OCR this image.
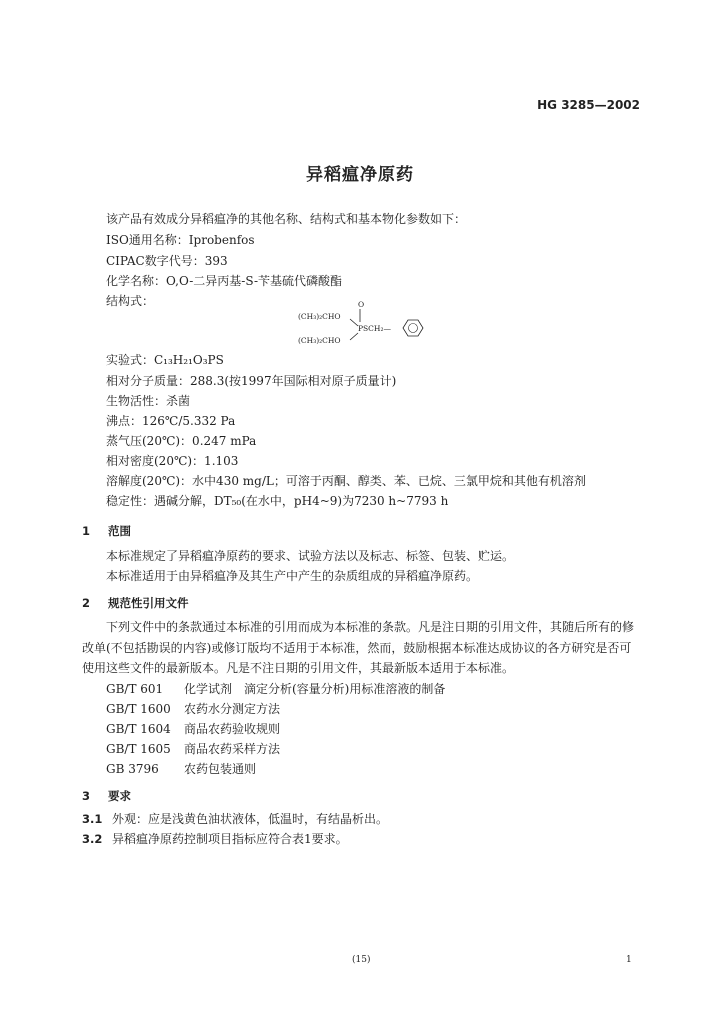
HG 3285—2002
异稻瘟净原药
该产品有效成分异稻瘟净的其他名称、结构式和基本物化参数如下：
ISO通用名称：Iprobenfos
CIPAC数字代号：393
化学名称：O,O-二异丙基-S-苄基硫代磷酸酯
结构式：	O
(CH₃)₂CHO
PSCH₂—
(CH₃)₂CHO
实验式：C₁₃H₂₁O₃PS
相对分子质量：288.3(按1997年国际相对原子质量计)
生物活性：杀菌
沸点：126℃/5.332 Pa
蒸气压(20℃)：0.247 mPa
相对密度(20℃)：1.103
溶解度(20℃)：水中430 mg/L；可溶于丙酮、醇类、苯、已烷、三氯甲烷和其他有机溶剂
稳定性：遇碱分解，DT₅₀(在水中，pH4~9)为7230 h~7793 h
1 范围
本标准规定了异稻瘟净原药的要求、试验方法以及标志、标签、包装、贮运。
本标准适用于由异稻瘟净及其生产中产生的杂质组成的异稻瘟净原药。
2 规范性引用文件
下列文件中的条款通过本标准的引用而成为本标准的条款。凡是注日期的引用文件，其随后所有的修改单(不包括勘误的内容)或修订版均不适用于本标准，然而，鼓励根据本标准达成协议的各方研究是否可使用这些文件的最新版本。凡是不注日期的引用文件，其最新版本适用于本标准。
GB/T 601 化学试剂　滴定分析(容量分析)用标准溶液的制备
GB/T 1600 农药水分测定方法
GB/T 1604 商品农药验收规则
GB/T 1605 商品农药采样方法
GB 3796 农药包装通则
3 要求
3.1 外观：应是浅黄色油状液体，低温时，有结晶析出。
3.2 异稻瘟净原药控制项目指标应符合表1要求。
(15)	1
